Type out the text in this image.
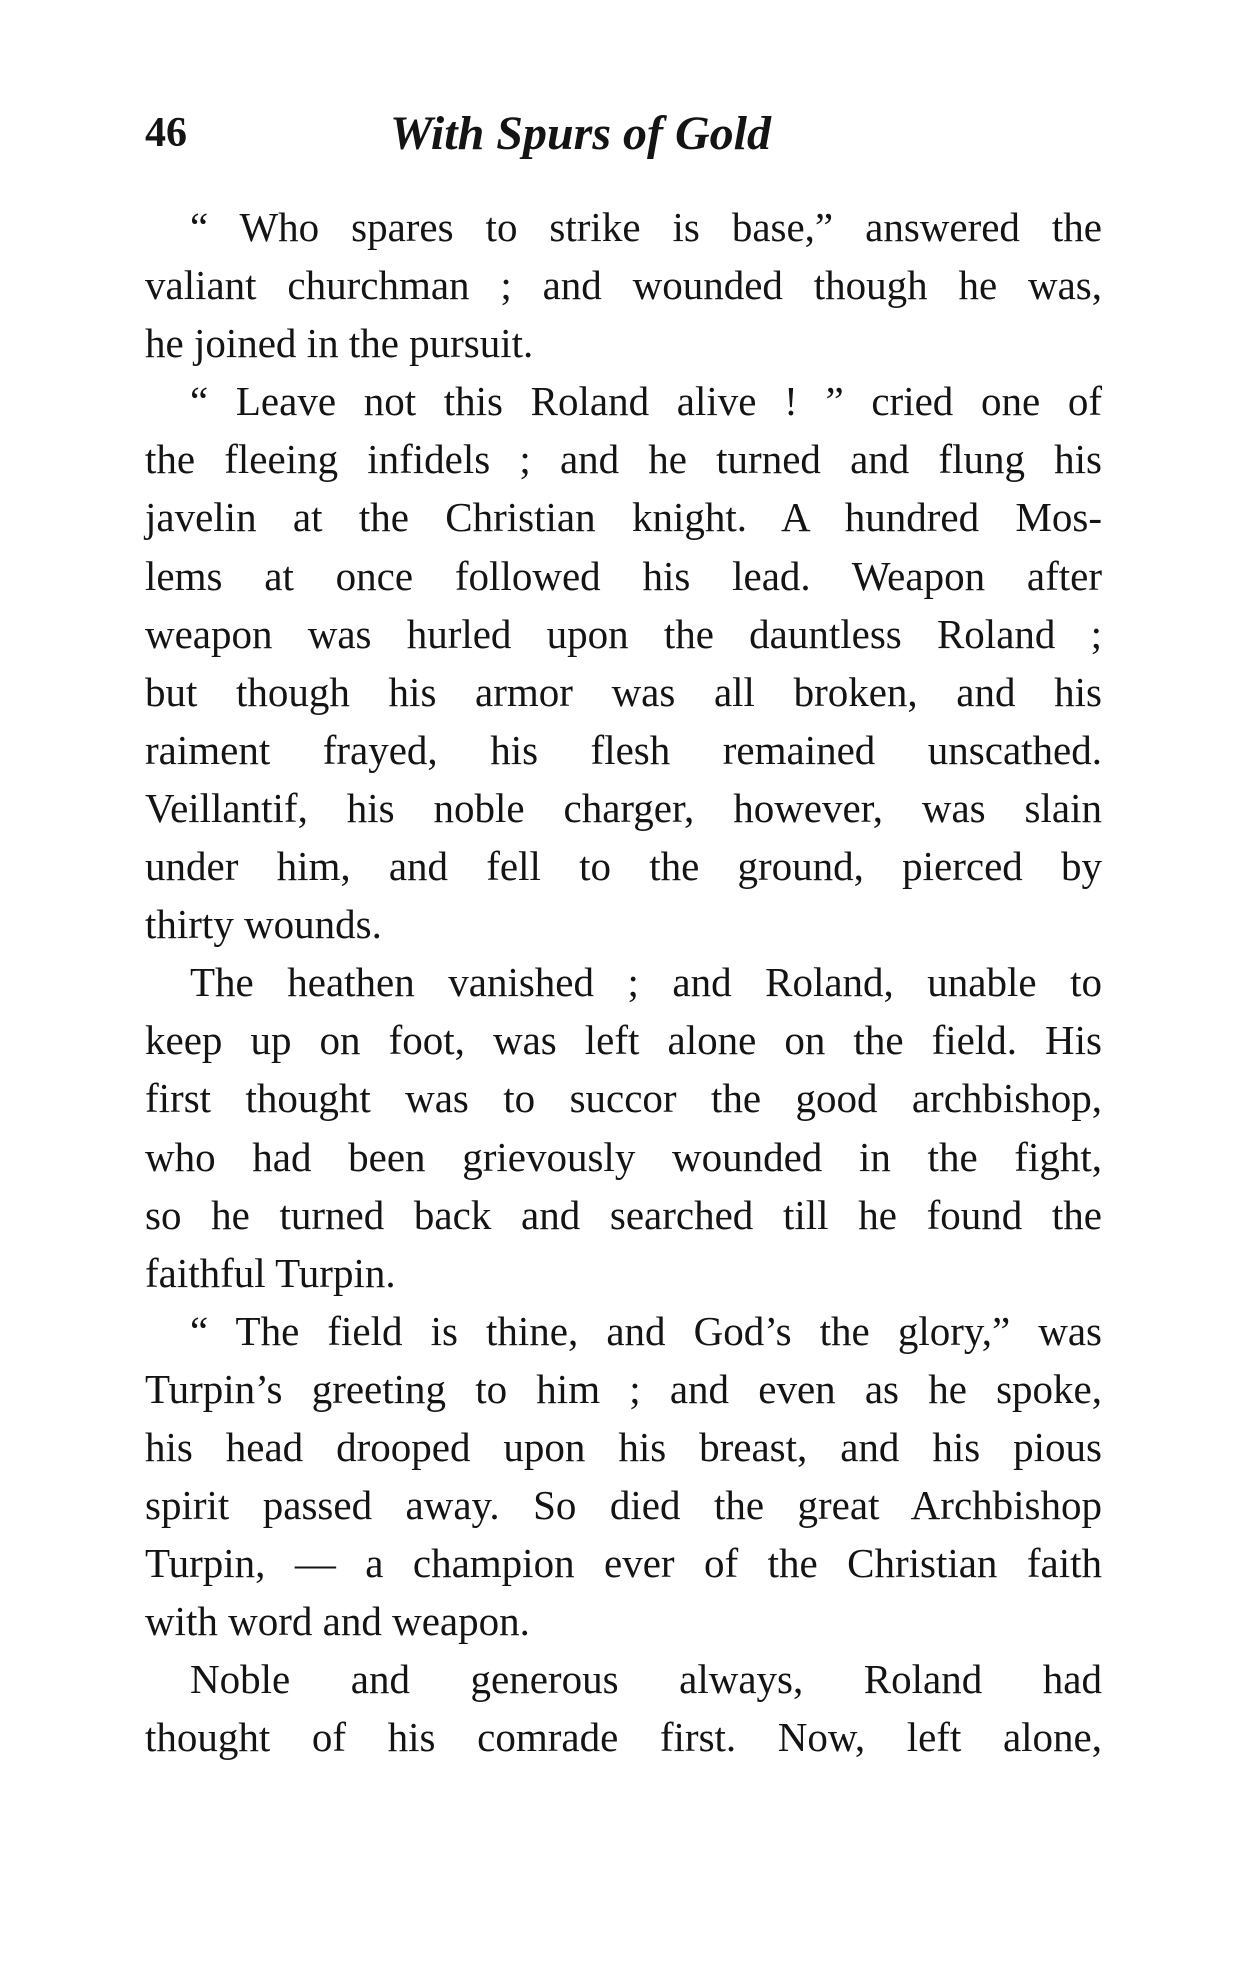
46	With Spurs of Gold

“ Who spares to strike is base,” answered the
valiant churchman ; and wounded though he was,
he joined in the pursuit.

“ Leave not this Roland alive ! ” cried one of
the fleeing infidels ; and he turned and flung his
javelin at the Christian knight. A hundred Mos-
lems at once followed his lead. Weapon after
weapon was hurled upon the dauntless Roland ;
but though his armor was all broken, and his
raiment frayed, his flesh remained unscathed.
Veillantif, his noble charger, however, was slain
under him, and fell to the ground, pierced by
thirty wounds.

The heathen vanished ; and Roland, unable to
keep up on foot, was left alone on the field. His
first thought was to succor the good archbishop,
who had been grievously wounded in the fight,
so he turned back and searched till he found the
faithful Turpin.

“ The field is thine, and God’s the glory,” was
Turpin’s greeting to him ; and even as he spoke,
his head drooped upon his breast, and his pious
spirit passed away. So died the great Archbishop
Turpin, — a champion ever of the Christian faith
with word and weapon.

Noble and generous always, Roland had
thought of his comrade first. Now, left alone,
